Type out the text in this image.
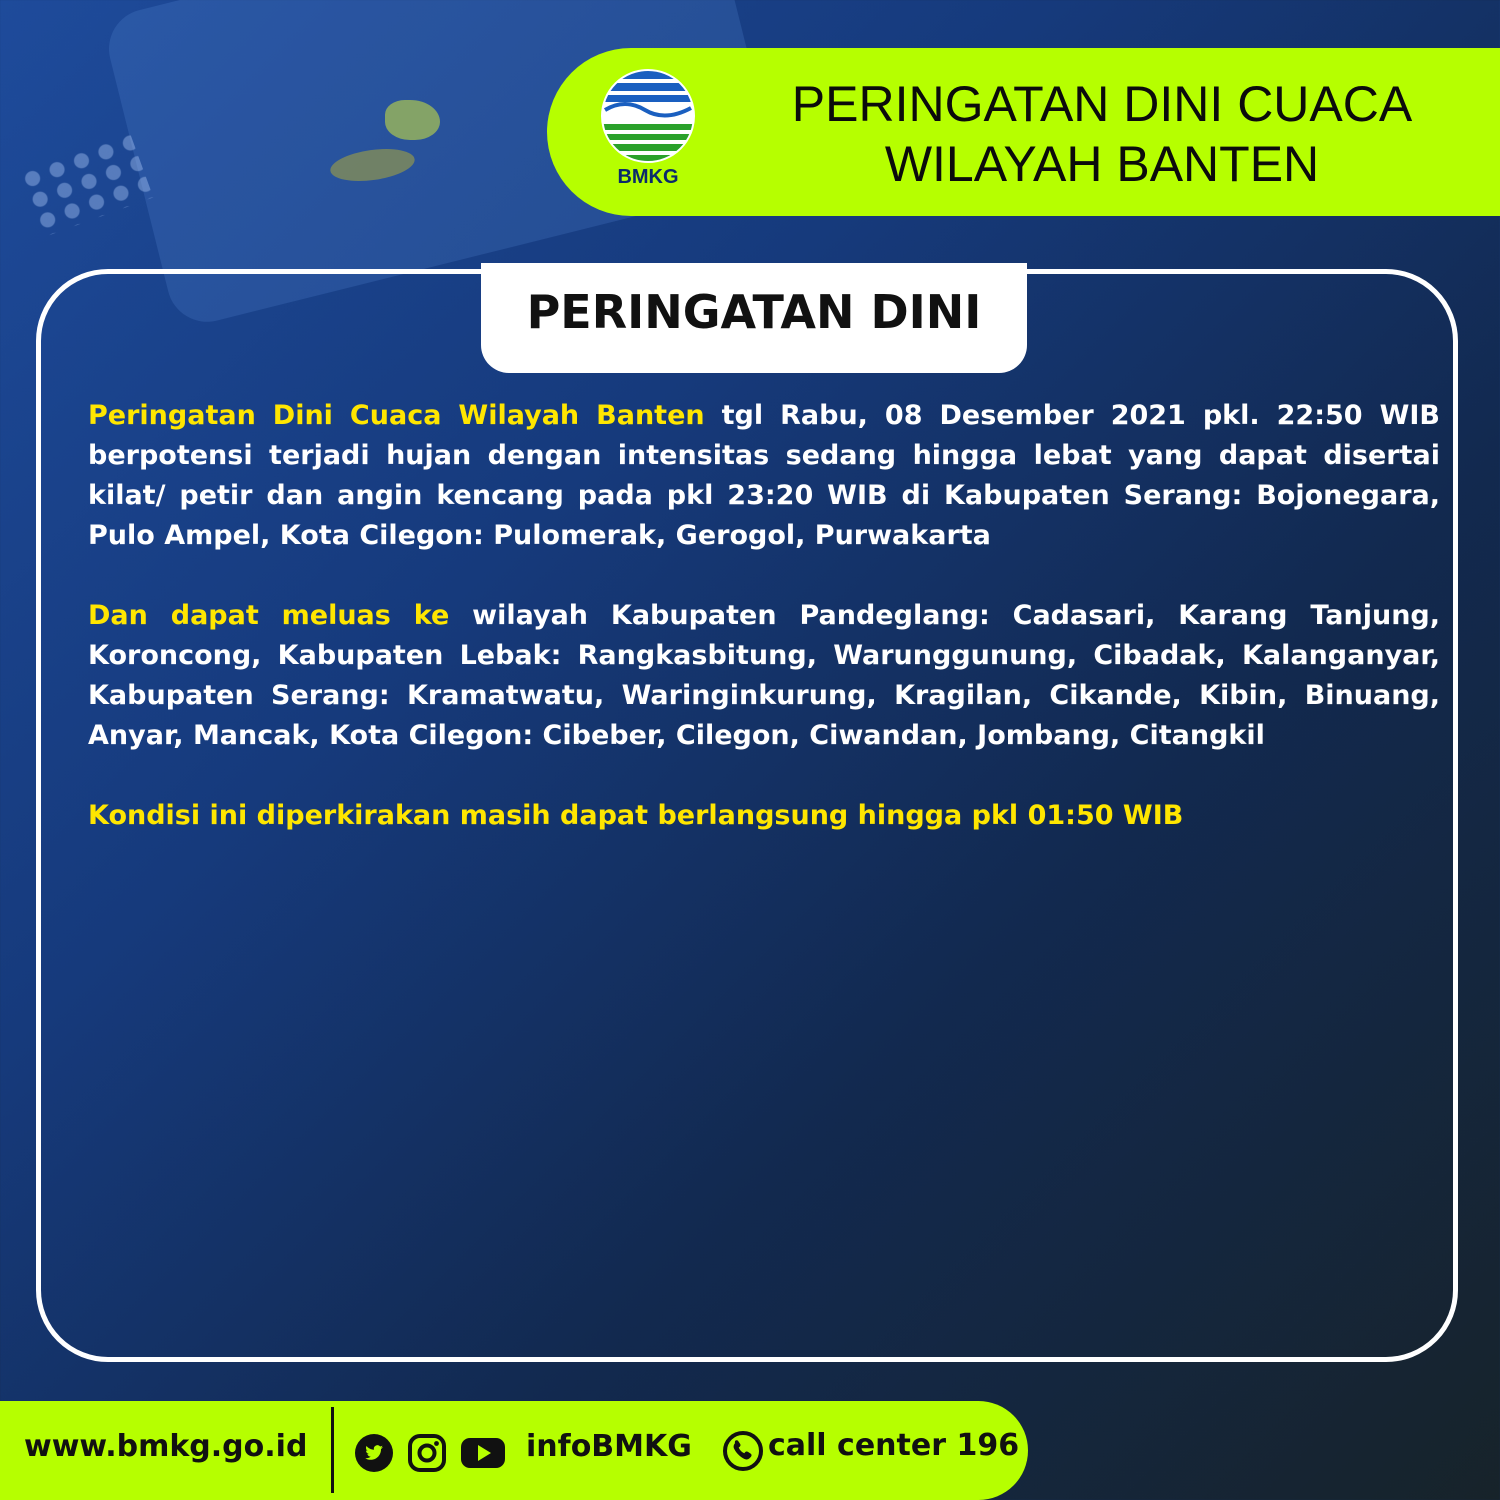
BMKG
PERINGATAN DINI CUACA
WILAYAH BANTEN
PERINGATAN DINI

Peringatan Dini Cuaca Wilayah Banten tgl Rabu, 08 Desember 2021 pkl. 22:50 WIB berpotensi terjadi hujan dengan intensitas sedang hingga lebat yang dapat disertai kilat/ petir dan angin kencang pada pkl 23:20 WIB di Kabupaten Serang: Bojonegara, Pulo Ampel, Kota Cilegon: Pulomerak, Gerogol, Purwakarta

Dan dapat meluas ke wilayah Kabupaten Pandeglang: Cadasari, Karang Tanjung, Koroncong, Kabupaten Lebak: Rangkasbitung, Warunggunung, Cibadak, Kalanganyar, Kabupaten Serang: Kramatwatu, Waringinkurung, Kragilan, Cikande, Kibin, Binuang, Anyar, Mancak, Kota Cilegon: Cibeber, Cilegon, Ciwandan, Jombang, Citangkil

Kondisi ini diperkirakan masih dapat berlangsung hingga pkl 01:50 WIB

www.bmkg.go.id	infoBMKG	call center 196
